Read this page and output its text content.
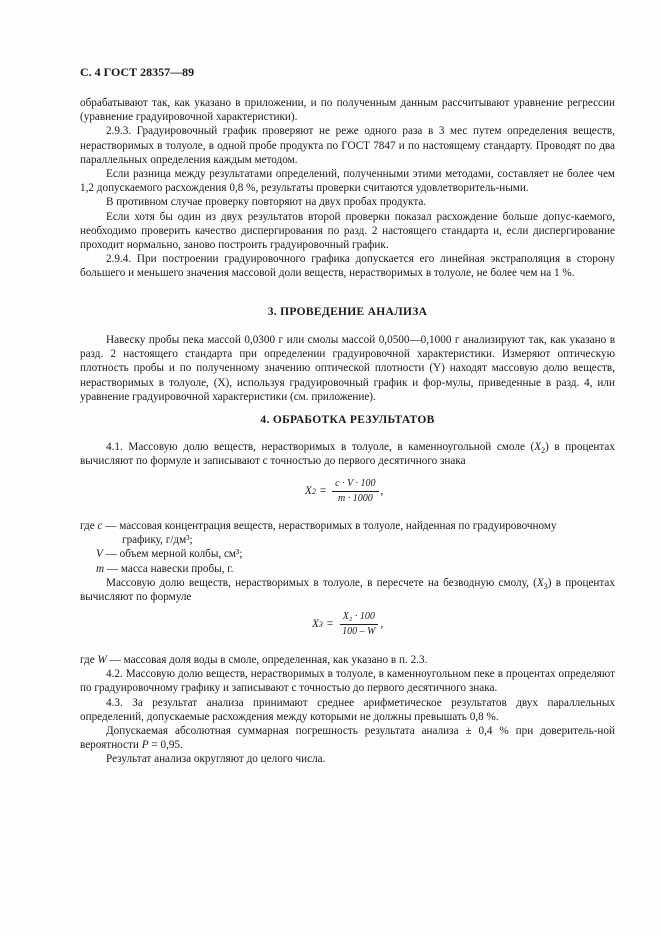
С. 4 ГОСТ 28357—89

обрабатывают так, как указано в приложении, и по полученным данным рассчитывают уравнение регрессии (уравнение градуировочной характеристики).

2.9.3. Градуировочный график проверяют не реже одного раза в 3 мес путем определения веществ, нерастворимых в толуоле, в одной пробе продукта по ГОСТ 7847 и по настоящему стандарту. Проводят по два параллельных определения каждым методом.

Если разница между результатами определений, полученными этими методами, составляет не более чем 1,2 допускаемого расхождения 0,8 %, результаты проверки считаются удовлетворитель-ными.

В противном случае проверку повторяют на двух пробах продукта.

Если хотя бы один из двух результатов второй проверки показал расхождение больше допус-каемого, необходимо проверить качество диспергирования по разд. 2 настоящего стандарта и, если диспергирование проходит нормально, заново построить градуировочный график.

2.9.4. При построении градуировочного графика допускается его линейная экстраполяция в сторону большего и меньшего значения массовой доли веществ, нерастворимых в толуоле, не более чем на 1 %.

3. ПРОВЕДЕНИЕ АНАЛИЗА

Навеску пробы пека массой 0,0300 г или смолы массой 0,0500—0,1000 г анализируют так, как указано в разд. 2 настоящего стандарта при определении градуировочной характеристики. Измеряют оптическую плотность пробы и по полученному значению оптической плотности (Y) находят массовую долю веществ, нерастворимых в толуоле, (X), используя градуировочный график и фор-мулы, приведенные в разд. 4, или уравнение градуировочной характеристики (см. приложение).

4. ОБРАБОТКА РЕЗУЛЬТАТОВ

4.1. Массовую долю веществ, нерастворимых в толуоле, в каменноугольной смоле $(X_2)$ в процентах вычисляют по формуле и записывают с точностью до первого десятичного знака

X $2 = \frac{c \cdot V \cdot 100}{m \cdot 1000}$ ,

где c — массовая концентрация веществ, нерастворимых в толуоле, найденная по градуировочному

графику, г/дм³;

V — объем мерной колбы, см³;

m — масса навески пробы, г.

Массовую долю веществ, нерастворимых в толуоле, в пересчете на безводную смолу, $(X_3)$ в процентах вычисляют по формуле

X $3 = \frac{\text{X₂ · 100}}{100 - W}$ ,

где W — массовая доля воды в смоле, определенная, как указано в п. 2.3.

4.2. Массовую долю веществ, нерастворимых в толуоле, в каменноугольном пеке в процентах определяют по градуировочному графику и записывают с точностью до первого десятичного знака.

4.3. За результат анализа принимают среднее арифметическое результатов двух параллельных определений, допускаемые расхождения между которыми не должны превышать 0,8 %.

Допускаемая абсолютная суммарная погрешность результата анализа ± 0,4 % при доверитель-ной вероятности P = 0,95.

Результат анализа округляют до целого числа.
